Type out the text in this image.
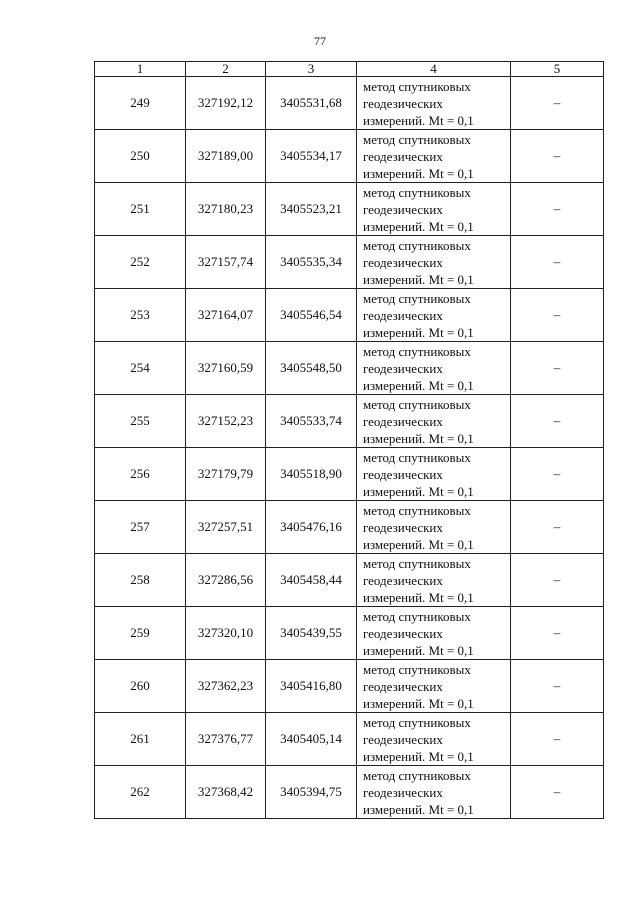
77
1	2	3	4	5
249	327192,12	3405531,68	метод спутниковых
геодезических
измерений. Mt = 0,1	–
250	327189,00	3405534,17	метод спутниковых
геодезических
измерений. Mt = 0,1	–
251	327180,23	3405523,21	метод спутниковых
геодезических
измерений. Mt = 0,1	–
252	327157,74	3405535,34	метод спутниковых
геодезических
измерений. Mt = 0,1	–
253	327164,07	3405546,54	метод спутниковых
геодезических
измерений. Mt = 0,1	–
254	327160,59	3405548,50	метод спутниковых
геодезических
измерений. Mt = 0,1	–
255	327152,23	3405533,74	метод спутниковых
геодезических
измерений. Mt = 0,1	–
256	327179,79	3405518,90	метод спутниковых
геодезических
измерений. Mt = 0,1	–
257	327257,51	3405476,16	метод спутниковых
геодезических
измерений. Mt = 0,1	–
258	327286,56	3405458,44	метод спутниковых
геодезических
измерений. Mt = 0,1	–
259	327320,10	3405439,55	метод спутниковых
геодезических
измерений. Mt = 0,1	–
260	327362,23	3405416,80	метод спутниковых
геодезических
измерений. Mt = 0,1	–
261	327376,77	3405405,14	метод спутниковых
геодезических
измерений. Mt = 0,1	–
262	327368,42	3405394,75	метод спутниковых
геодезических
измерений. Mt = 0,1	–
